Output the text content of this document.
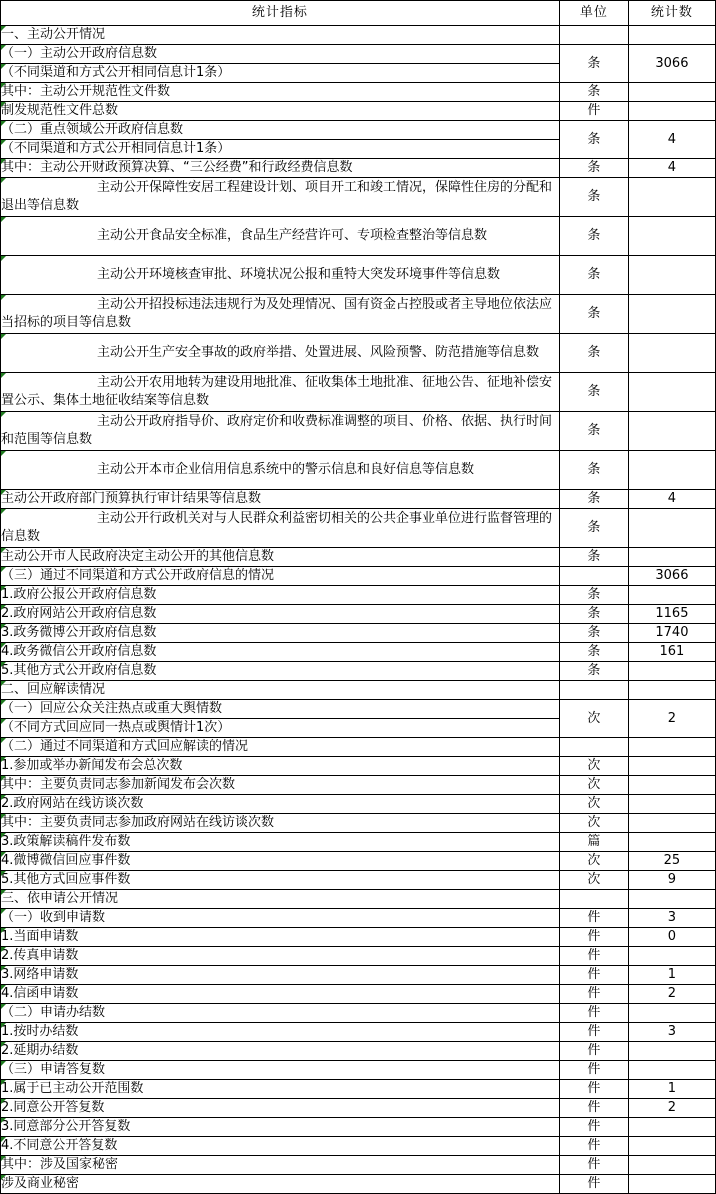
统计指标	单位	统计数
一、主动公开情况		
（一）主动公开政府信息数	条	3066
（不同渠道和方式公开相同信息计1条）		
其中：主动公开规范性文件数	条	
制发规范性文件总数	件	
（二）重点领域公开政府信息数	条	4
（不同渠道和方式公开相同信息计1条）		
其中：主动公开财政预算决算、“三公经费”和行政经费信息数	条	4
主动公开保障性安居工程建设计划、项目开工和竣工情况，保障性住房的分配和退出等信息数	条	
主动公开食品安全标准，食品生产经营许可、专项检查整治等信息数	条	
主动公开环境核查审批、环境状况公报和重特大突发环境事件等信息数	条	
主动公开招投标违法违规行为及处理情况、国有资金占控股或者主导地位依法应当招标的项目等信息数	条	
主动公开生产安全事故的政府举措、处置进展、风险预警、防范措施等信息数	条	
主动公开农用地转为建设用地批准、征收集体土地批准、征地公告、征地补偿安置公示、集体土地征收结案等信息数	条	
主动公开政府指导价、政府定价和收费标准调整的项目、价格、依据、执行时间和范围等信息数	条	
主动公开本市企业信用信息系统中的警示信息和良好信息等信息数	条	
主动公开政府部门预算执行审计结果等信息数	条	4
主动公开行政机关对与人民群众利益密切相关的公共企事业单位进行监督管理的信息数	条	
主动公开市人民政府决定主动公开的其他信息数	条	
（三）通过不同渠道和方式公开政府信息的情况		3066
1.政府公报公开政府信息数	条	
2.政府网站公开政府信息数	条	1165
3.政务微博公开政府信息数	条	1740
4.政务微信公开政府信息数	条	161
5.其他方式公开政府信息数	条	
二、回应解读情况		
（一）回应公众关注热点或重大舆情数	次	2
（不同方式回应同一热点或舆情计1次）		
（二）通过不同渠道和方式回应解读的情况		
1.参加或举办新闻发布会总次数	次	
其中：主要负责同志参加新闻发布会次数	次	
2.政府网站在线访谈次数	次	
其中：主要负责同志参加政府网站在线访谈次数	次	
3.政策解读稿件发布数	篇	
4.微博微信回应事件数	次	25
5.其他方式回应事件数	次	9
三、依申请公开情况		
（一）收到申请数	件	3
1.当面申请数	件	0
2.传真申请数	件	
3.网络申请数	件	1
4.信函申请数	件	2
（二）申请办结数	件	
1.按时办结数	件	3
2.延期办结数	件	
（三）申请答复数	件	
1.属于已主动公开范围数	件	1
2.同意公开答复数	件	2
3.同意部分公开答复数	件	
4.不同意公开答复数	件	
其中：涉及国家秘密	件	
涉及商业秘密	件	
